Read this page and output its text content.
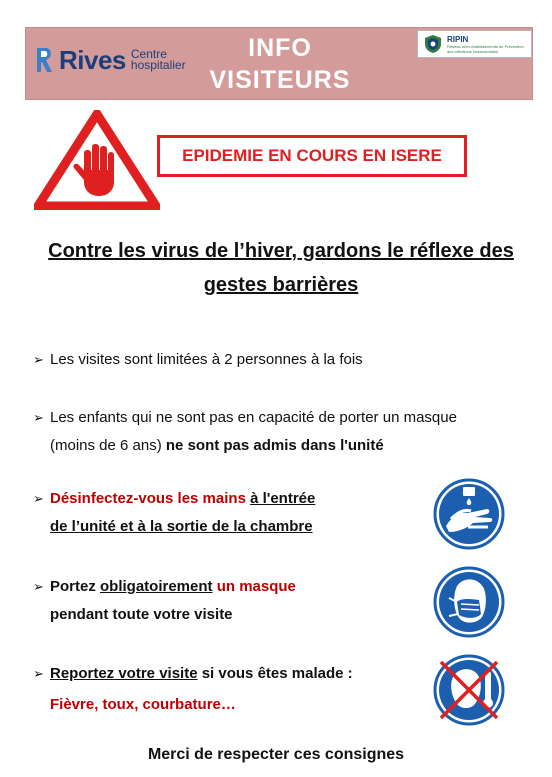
Rives Centre hospitalier
INFO
VISITEURS
RIPIN
Réseau Inter-établissements de Prévention des Infections Nosocomiales
EPIDEMIE EN COURS EN ISERE
Contre les virus de l’hiver, gardons le réflexe des
gestes barrières
➢ Les visites sont limitées à 2 personnes à la fois
➢ Les enfants qui ne sont pas en capacité de porter un masque
(moins de 6 ans) ne sont pas admis dans l'unité
➢ Désinfectez-vous les mains à l'entrée
de l’unité et à la sortie de la chambre
➢ Portez obligatoirement un masque
pendant toute votre visite
➢ Reportez votre visite si vous êtes malade :
Fièvre, toux, courbature…
Merci de respecter ces consignes
